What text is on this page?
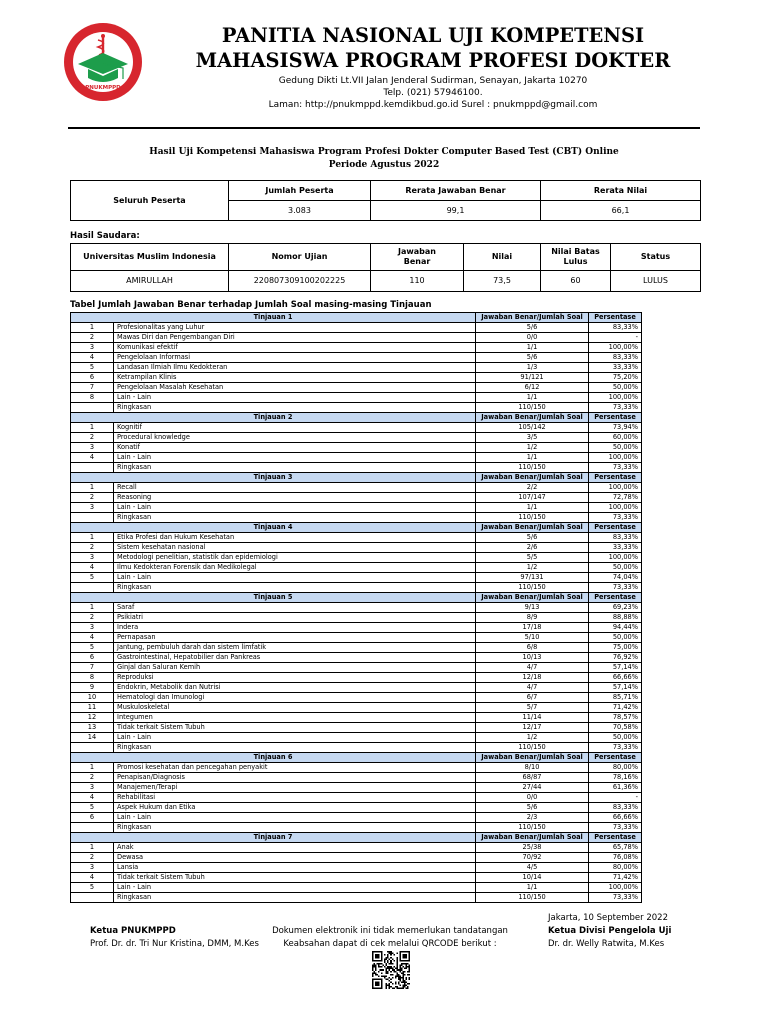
PNUKMPPD
PANITIA NASIONAL UJI KOMPETENSI
MAHASISWA PROGRAM PROFESI DOKTER
Gedung Dikti Lt.VII Jalan Jenderal Sudirman, Senayan, Jakarta 10270
Telp. (021) 57946100.
Laman: http://pnukmppd.kemdikbud.go.id Surel : pnukmppd@gmail.com
Hasil Uji Kompetensi Mahasiswa Program Profesi Dokter Computer Based Test (CBT) Online
Periode Agustus 2022
Seluruh Peserta	Jumlah Peserta	Rerata Jawaban Benar	Rerata Nilai
	3.083	99,1	66,1
Hasil Saudara:
Universitas Muslim Indonesia	Nomor Ujian	Jawaban Benar	Nilai	Nilai Batas Lulus	Status
AMIRULLAH	220807309100202225	110	73,5	60	LULUS
Tabel Jumlah Jawaban Benar terhadap Jumlah Soal masing-masing Tinjauan
Tinjauan 1		Jawaban Benar/Jumlah Soal	Persentase
1	Profesionalitas yang Luhur	5/6	83,33%
2	Mawas Diri dan Pengembangan Diri	0/0	-
3	Komunikasi efektif	1/1	100,00%
4	Pengelolaan Informasi	5/6	83,33%
5	Landasan Ilmiah Ilmu Kedokteran	1/3	33,33%
6	Ketrampilan Klinis	91/121	75,20%
7	Pengelolaan Masalah Kesehatan	6/12	50,00%
8	Lain - Lain	1/1	100,00%
	Ringkasan	110/150	73,33%
Tinjauan 2		Jawaban Benar/Jumlah Soal	Persentase
1	Kognitif	105/142	73,94%
2	Procedural knowledge	3/5	60,00%
3	Konatif	1/2	50,00%
4	Lain - Lain	1/1	100,00%
	Ringkasan	110/150	73,33%
Tinjauan 3		Jawaban Benar/Jumlah Soal	Persentase
1	Recall	2/2	100,00%
2	Reasoning	107/147	72,78%
3	Lain - Lain	1/1	100,00%
	Ringkasan	110/150	73,33%
Tinjauan 4		Jawaban Benar/Jumlah Soal	Persentase
1	Etika Profesi dan Hukum Kesehatan	5/6	83,33%
2	Sistem kesehatan nasional	2/6	33,33%
3	Metodologi penelitian, statistik dan epidemiologi	5/5	100,00%
4	Ilmu Kedokteran Forensik dan Medikolegal	1/2	50,00%
5	Lain - Lain	97/131	74,04%
	Ringkasan	110/150	73,33%
Tinjauan 5		Jawaban Benar/Jumlah Soal	Persentase
1	Saraf	9/13	69,23%
2	Psikiatri	8/9	88,88%
3	Indera	17/18	94,44%
4	Pernapasan	5/10	50,00%
5	Jantung, pembuluh darah dan sistem limfatik	6/8	75,00%
6	Gastrointestinal, Hepatobilier dan Pankreas	10/13	76,92%
7	Ginjal dan Saluran Kemih	4/7	57,14%
8	Reproduksi	12/18	66,66%
9	Endokrin, Metabolik dan Nutrisi	4/7	57,14%
10	Hematologi dan Imunologi	6/7	85,71%
11	Muskuloskeletal	5/7	71,42%
12	Integumen	11/14	78,57%
13	Tidak terkait Sistem Tubuh	12/17	70,58%
14	Lain - Lain	1/2	50,00%
	Ringkasan	110/150	73,33%
Tinjauan 6		Jawaban Benar/Jumlah Soal	Persentase
1	Promosi kesehatan dan pencegahan penyakit	8/10	80,00%
2	Penapisan/Diagnosis	68/87	78,16%
3	Manajemen/Terapi	27/44	61,36%
4	Rehabilitasi	0/0	-
5	Aspek Hukum dan Etika	5/6	83,33%
6	Lain - Lain	2/3	66,66%
	Ringkasan	110/150	73,33%
Tinjauan 7		Jawaban Benar/Jumlah Soal	Persentase
1	Anak	25/38	65,78%
2	Dewasa	70/92	76,08%
3	Lansia	4/5	80,00%
4	Tidak terkait Sistem Tubuh	10/14	71,42%
5	Lain - Lain	1/1	100,00%
	Ringkasan	110/150	73,33%
Jakarta, 10 September 2022
Ketua PNUKMPPD
Prof. Dr. dr. Tri Nur Kristina, DMM, M.Kes
Dokumen elektronik ini tidak memerlukan tandatangan
Keabsahan dapat di cek melalui QRCODE berikut :
Ketua Divisi Pengelola Uji
Dr. dr. Welly Ratwita, M.Kes
